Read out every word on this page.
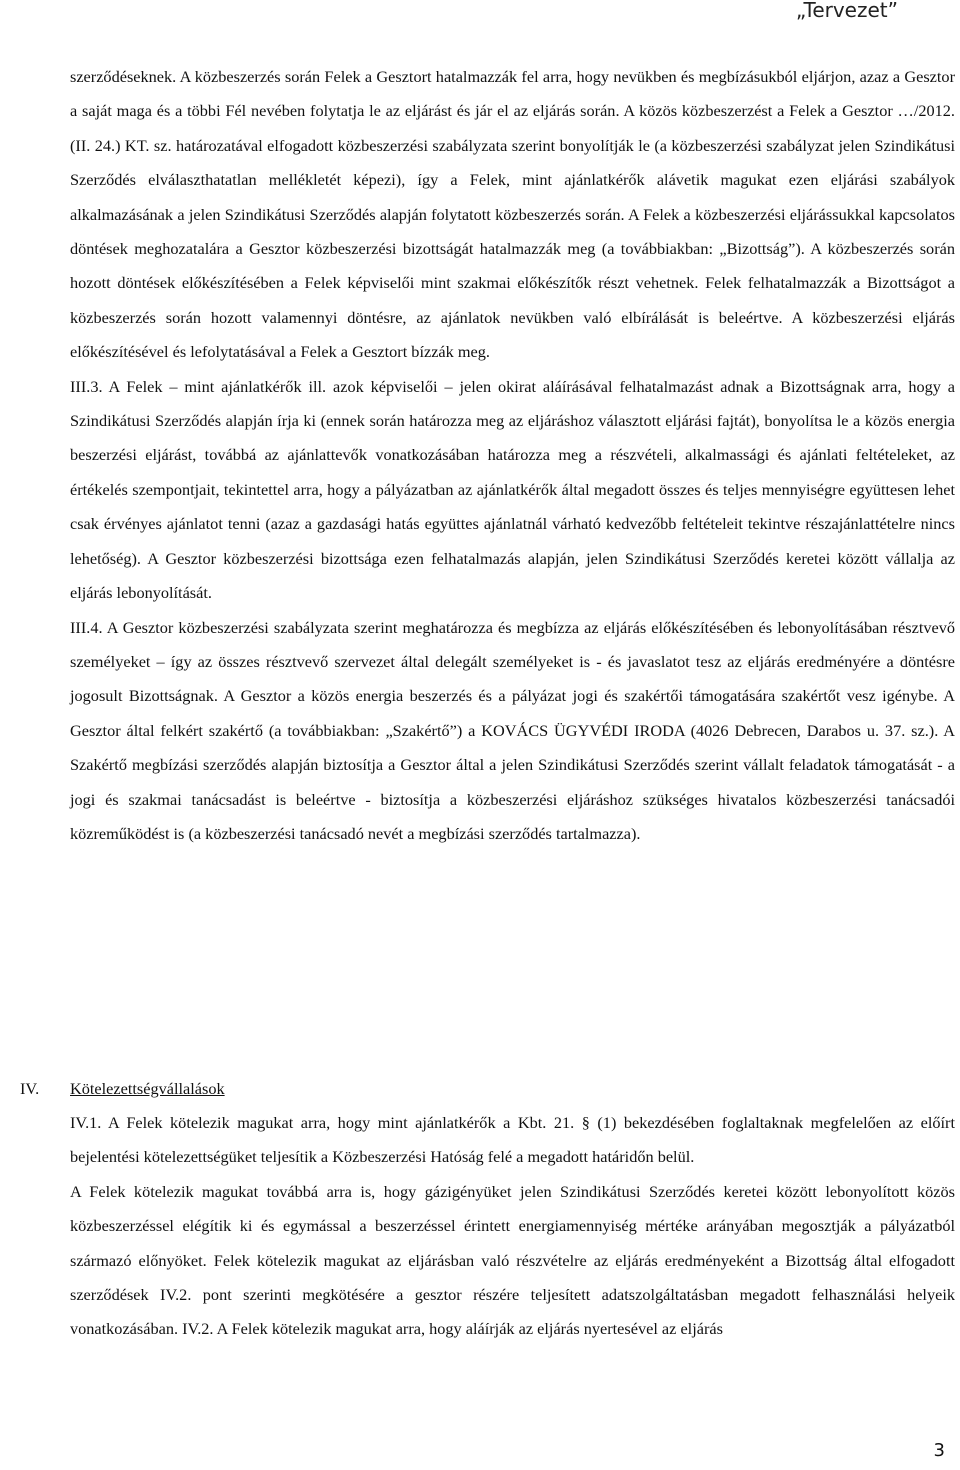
„Tervezet”

szerződéseknek. A közbeszerzés során Felek a Gesztort hatalmazzák fel arra, hogy nevükben és megbízásukból eljárjon, azaz a Gesztor a saját maga és a többi Fél nevében folytatja le az eljárást és jár el az eljárás során. A közös közbeszerzést a Felek a Gesztor …/2012. (II. 24.) KT. sz. határozatával elfogadott közbeszerzési szabályzata szerint bonyolítják le (a közbeszerzési szabályzat jelen Szindikátusi Szerződés elválaszthatatlan mellékletét képezi), így a Felek, mint ajánlatkérők alávetik magukat ezen eljárási szabályok alkalmazásának a jelen Szindikátusi Szerződés alapján folytatott közbeszerzés során. A Felek a közbeszerzési eljárássukkal kapcsolatos döntések meghozatalára a Gesztor közbeszerzési bizottságát hatalmazzák meg (a továbbiakban: „Bizottság”). A közbeszerzés során hozott döntések előkészítésében a Felek képviselői mint szakmai előkészítők részt vehetnek. Felek felhatalmazzák a Bizottságot a közbeszerzés során hozott valamennyi döntésre, az ajánlatok nevükben való elbírálását is beleértve. A közbeszerzési eljárás előkészítésével és lefolytatásával a Felek a Gesztort bízzák meg.

III.3. A Felek – mint ajánlatkérők ill. azok képviselői – jelen okirat aláírásával felhatalmazást adnak a Bizottságnak arra, hogy a Szindikátusi Szerződés alapján írja ki (ennek során határozza meg az eljáráshoz választott eljárási fajtát), bonyolítsa le a közös energia beszerzési eljárást, továbbá az ajánlattevők vonatkozásában határozza meg a részvételi, alkalmassági és ajánlati feltételeket, az értékelés szempontjait, tekintettel arra, hogy a pályázatban az ajánlatkérők által megadott összes és teljes mennyiségre együttesen lehet csak érvényes ajánlatot tenni (azaz a gazdasági hatás együttes ajánlatnál várható kedvezőbb feltételeit tekintve részajánlattételre nincs lehetőség). A Gesztor közbeszerzési bizottsága ezen felhatalmazás alapján, jelen Szindikátusi Szerződés keretei között vállalja az eljárás lebonyolítását.

III.4. A Gesztor közbeszerzési szabályzata szerint meghatározza és megbízza az eljárás előkészítésében és lebonyolításában résztvevő személyeket – így az összes résztvevő szervezet által delegált személyeket is - és javaslatot tesz az eljárás eredményére a döntésre jogosult Bizottságnak. A Gesztor a közös energia beszerzés és a pályázat jogi és szakértői támogatására szakértőt vesz igénybe. A Gesztor által felkért szakértő (a továbbiakban: „Szakértő”) a KOVÁCS ÜGYVÉDI IRODA (4026 Debrecen, Darabos u. 37. sz.). A Szakértő megbízási szerződés alapján biztosítja a Gesztor által a jelen Szindikátusi Szerződés szerint vállalt feladatok támogatását - a jogi és szakmai tanácsadást is beleértve - biztosítja a közbeszerzési eljáráshoz szükséges hivatalos közbeszerzési tanácsadói közreműködést is (a közbeszerzési tanácsadó nevét a megbízási szerződés tartalmazza).

IV. Kötelezettségvállalások

IV.1. A Felek kötelezik magukat arra, hogy mint ajánlatkérők a Kbt. 21. § (1) bekezdésében foglaltaknak megfelelően az előírt bejelentési kötelezettségüket teljesítik a Közbeszerzési Hatóság felé a megadott határidőn belül.

A Felek kötelezik magukat továbbá arra is, hogy gázigényüket jelen Szindikátusi Szerződés keretei között lebonyolított közös közbeszerzéssel elégítik ki és egymással a beszerzéssel érintett energiamennyiség mértéke arányában megosztják a pályázatból származó előnyöket. Felek kötelezik magukat az eljárásban való részvételre az eljárás eredményeként a Bizottság által elfogadott szerződések IV.2. pont szerinti megkötésére a gesztor részére teljesített adatszolgáltatásban megadott felhasználási helyeik vonatkozásában. IV.2. A Felek kötelezik magukat arra, hogy aláírják az eljárás nyertesével az eljárás

3
